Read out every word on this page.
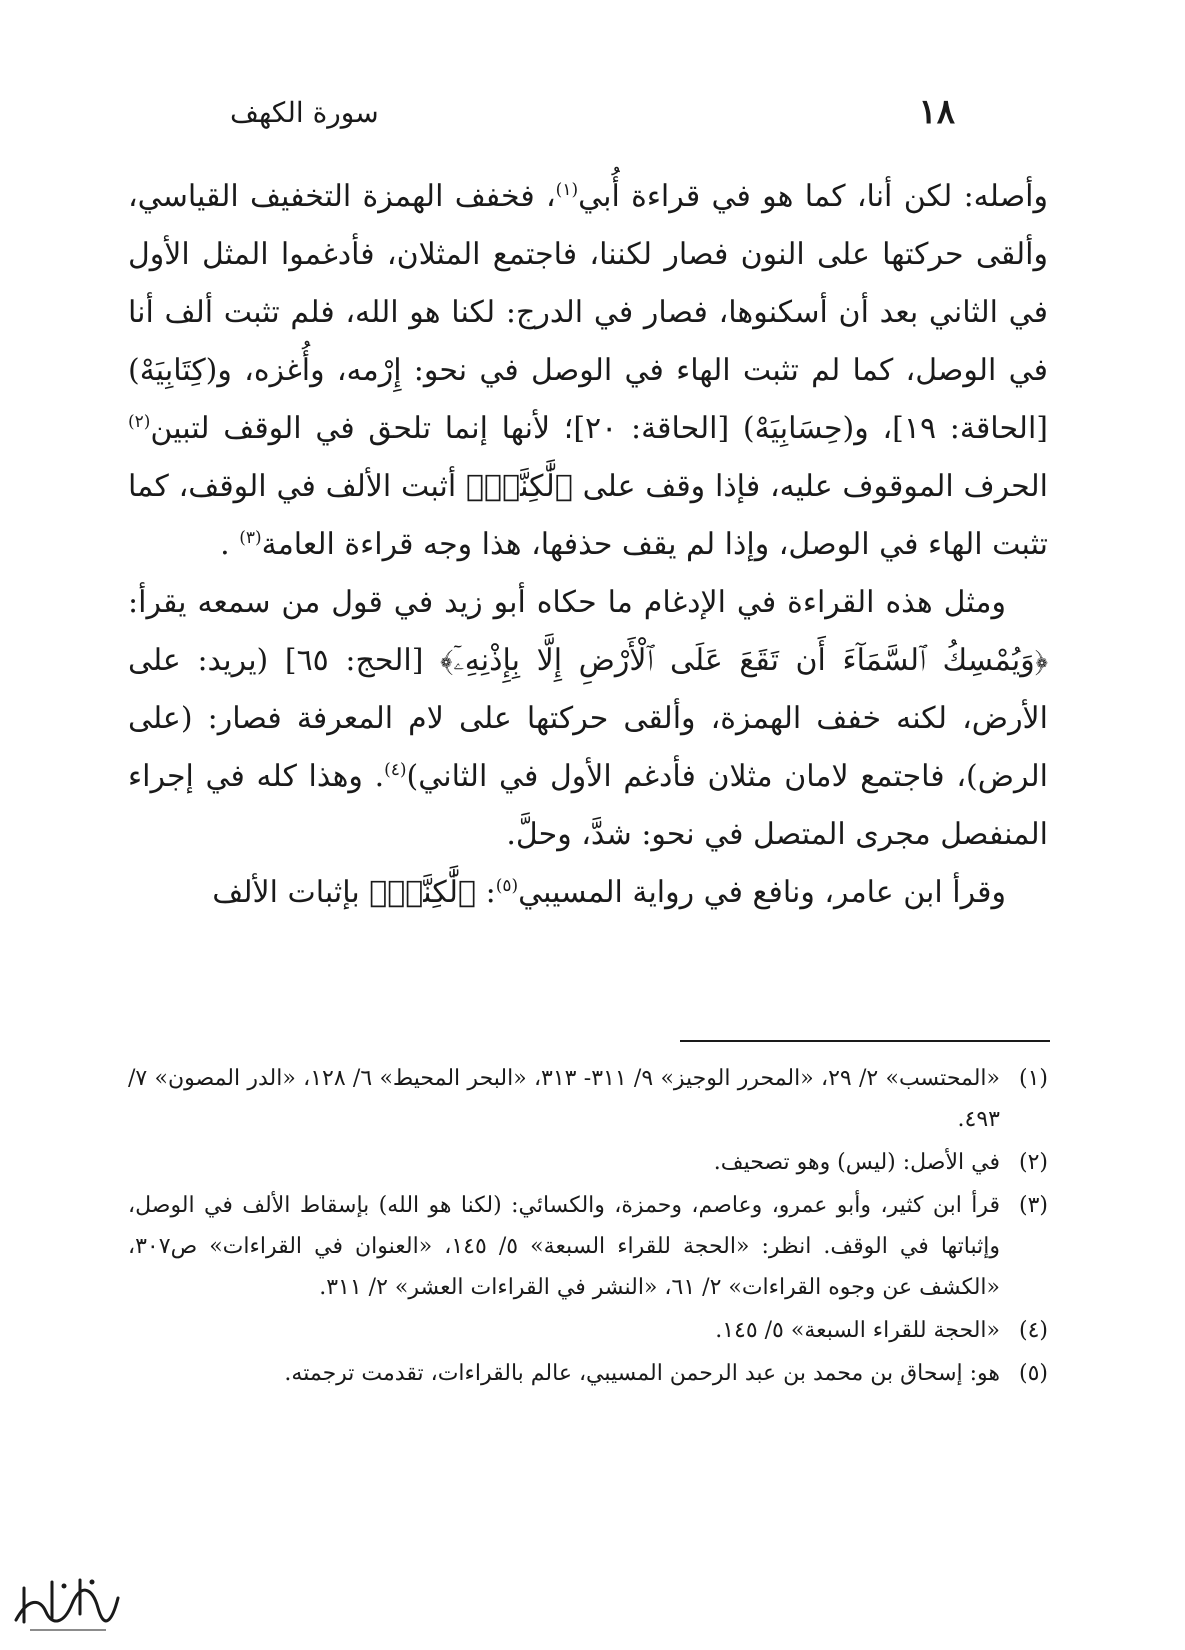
١٨
سورة الكهف

وأصله: لكن أنا، كما هو في قراءة أُبي$^{(١)}$، فخفف الهمزة التخفيف القياسي، وألقى حركتها على النون فصار لكننا، فاجتمع المثلان، فأدغموا المثل الأول في الثاني بعد أن أسكنوها، فصار في الدرج: لكنا هو الله، فلم تثبت ألف أنا في الوصل، كما لم تثبت الهاء في الوصل في نحو: إِرْمه، وأُغزه، و(كِتَابِيَهْ) [الحاقة: ١٩]، و(حِسَابِيَهْ) [الحاقة: ٢٠]؛ لأنها إنما تلحق في الوقف لتبين$^{(٢)}$ الحرف الموقوف عليه، فإذا وقف على ﴿لَّٰكِنَّا۠﴾ أثبت الألف في الوقف، كما تثبت الهاء في الوصل، وإذا لم يقف حذفها، هذا وجه قراءة العامة$^{(٣)}$ .

ومثل هذه القراءة في الإدغام ما حكاه أبو زيد في قول من سمعه يقرأ: ﴿وَيُمْسِكُ ٱلسَّمَآءَ أَن تَقَعَ عَلَى ٱلْأَرْضِ إِلَّا بِإِذْنِهِۦٓ﴾ [الحج: ٦٥] (يريد: على الأرض، لكنه خفف الهمزة، وألقى حركتها على لام المعرفة فصار: (على الرض)، فاجتمع لامان مثلان فأدغم الأول في الثاني)$^{(٤)}$. وهذا كله في إجراء المنفصل مجرى المتصل في نحو: شدَّ، وحلَّ.

وقرأ ابن عامر، ونافع في رواية المسيبي$^{(٥)}$: ﴿لَّٰكِنَّا۠﴾ بإثبات الألف

(١)
«المحتسب» ٢/ ٢٩، «المحرر الوجيز» ٩/ ٣١١- ٣١٣، «البحر المحيط» ٦/ ١٢٨، «الدر المصون» ٧/ ٤٩٣.
(٢)
في الأصل: (ليس) وهو تصحيف.
(٣)
قرأ ابن كثير، وأبو عمرو، وعاصم، وحمزة، والكسائي: (لكنا هو الله) بإسقاط الألف في الوصل، وإثباتها في الوقف. انظر: «الحجة للقراء السبعة» ٥/ ١٤٥، «العنوان في القراءات» ص٣٠٧، «الكشف عن وجوه القراءات» ٢/ ٦١، «النشر في القراءات العشر» ٢/ ٣١١.
(٤)
«الحجة للقراء السبعة» ٥/ ١٤٥.
(٥)
هو: إسحاق بن محمد بن عبد الرحمن المسيبي، عالم بالقراءات، تقدمت ترجمته.
